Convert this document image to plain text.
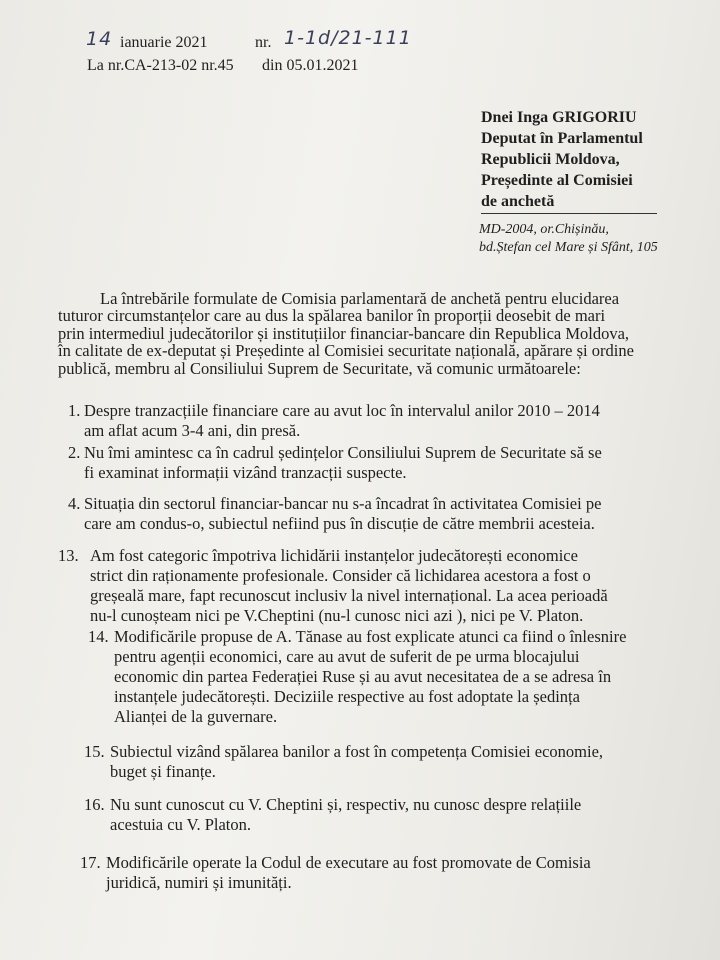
14 ianuarie 2021	nr. 1-1d/21-111
La nr.CA-213-02 nr.45 din 05.01.2021
Dnei Inga GRIGORIU
Deputat în Parlamentul
Republicii Moldova,
Președinte al Comisiei
de anchetă
MD-2004, or.Chișinău,
bd.Ștefan cel Mare și Sfânt, 105
La întrebările formulate de Comisia parlamentară de anchetă pentru elucidarea
tuturor circumstanțelor care au dus la spălarea banilor în proporții deosebit de mari
prin intermediul judecătorilor și instituțiilor financiar-bancare din Republica Moldova,
în calitate de ex-deputat și Președinte al Comisiei securitate națională, apărare și ordine
publică, membru al Consiliului Suprem de Securitate, vă comunic următoarele:
1. Despre tranzacțiile financiare care au avut loc în intervalul anilor 2010 – 2014
am aflat acum 3-4 ani, din presă.
2. Nu îmi amintesc ca în cadrul ședințelor Consiliului Suprem de Securitate să se
fi examinat informații vizând tranzacții suspecte.
4. Situația din sectorul financiar-bancar nu s-a încadrat în activitatea Comisiei pe
care am condus-o, subiectul nefiind pus în discuție de către membrii acesteia.
13. Am fost categoric împotriva lichidării instanțelor judecătorești economice
strict din raționamente profesionale. Consider că lichidarea acestora a fost o
greșeală mare, fapt recunoscut inclusiv la nivel internațional. La acea perioadă
nu-l cunoșteam nici pe V.Cheptini (nu-l cunosc nici azi ), nici pe V. Platon.
14. Modificările propuse de A. Tănase au fost explicate atunci ca fiind o înlesnire
pentru agenții economici, care au avut de suferit de pe urma blocajului
economic din partea Federației Ruse și au avut necesitatea de a se adresa în
instanțele judecătorești. Deciziile respective au fost adoptate la ședința
Alianței de la guvernare.
15. Subiectul vizând spălarea banilor a fost în competența Comisiei economie,
buget și finanțe.
16. Nu sunt cunoscut cu V. Cheptini și, respectiv, nu cunosc despre relațiile
acestuia cu V. Platon.
17. Modificările operate la Codul de executare au fost promovate de Comisia
juridică, numiri și imunități.
